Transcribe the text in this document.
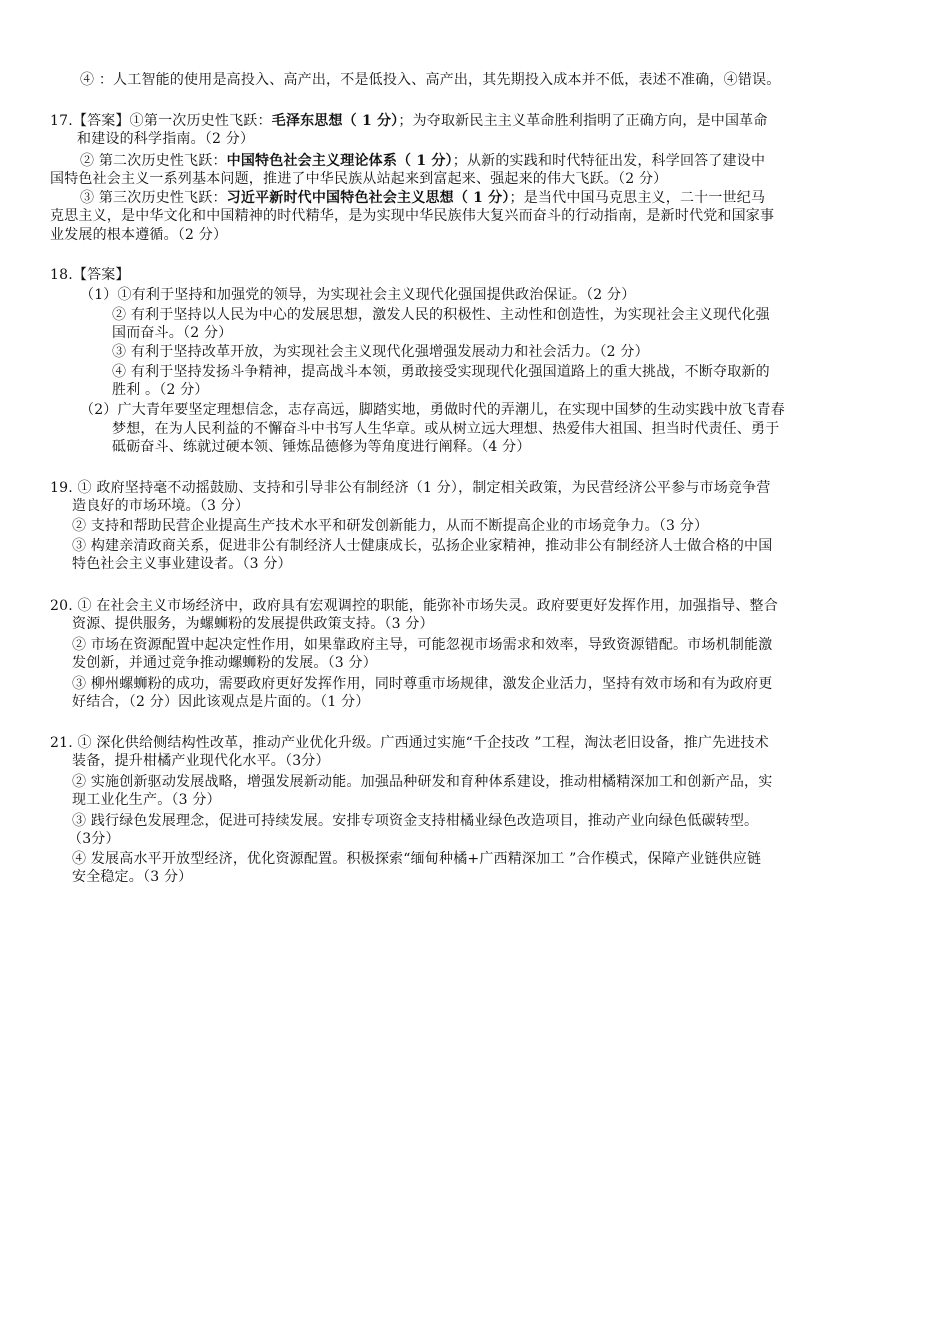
④ ：人工智能的使用是高投入、高产出，不是低投入、高产出，其先期投入成本并不低，表述不准确，④错误。
17.【答案】①第一次历史性飞跃：毛泽东思想（ 1 分）；为夺取新民主主义革命胜利指明了正确方向，是中国革命
和建设的科学指南。（2 分）
② 第二次历史性飞跃：中国特色社会主义理论体系（ 1 分）；从新的实践和时代特征出发，科学回答了建设中
国特色社会主义一系列基本问题，推进了中华民族从站起来到富起来、强起来的伟大飞跃。（2 分）
③ 第三次历史性飞跃：习近平新时代中国特色社会主义思想（ 1 分）；是当代中国马克思主义，二十一世纪马
克思主义，是中华文化和中国精神的时代精华，是为实现中华民族伟大复兴而奋斗的行动指南，是新时代党和国家事
业发展的根本遵循。（2 分）
18.【答案】
（1）①有利于坚持和加强党的领导，为实现社会主义现代化强国提供政治保证。（2 分）
② 有利于坚持以人民为中心的发展思想，激发人民的积极性、主动性和创造性，为实现社会主义现代化强
国而奋斗。（2 分）
③ 有利于坚持改革开放，为实现社会主义现代化强增强发展动力和社会活力。（2 分）
④ 有利于坚持发扬斗争精神，提高战斗本领，勇敢接受实现现代化强国道路上的重大挑战，不断夺取新的
胜利 。（2 分）
（2）广大青年要坚定理想信念，志存高远，脚踏实地，勇做时代的弄潮儿，在实现中国梦的生动实践中放飞青春
梦想，在为人民利益的不懈奋斗中书写人生华章。或从树立远大理想、热爱伟大祖国、担当时代责任、勇于
砥砺奋斗、练就过硬本领、锤炼品德修为等角度进行阐释。（4 分）
19. ① 政府坚持毫不动摇鼓励、支持和引导非公有制经济（1 分），制定相关政策，为民营经济公平参与市场竞争营
造良好的市场环境。（3 分）
② 支持和帮助民营企业提高生产技术水平和研发创新能力，从而不断提高企业的市场竞争力。（3 分）
③ 构建亲清政商关系，促进非公有制经济人士健康成长，弘扬企业家精神，推动非公有制经济人士做合格的中国
特色社会主义事业建设者。（3 分）
20. ① 在社会主义市场经济中，政府具有宏观调控的职能，能弥补市场失灵。政府要更好发挥作用，加强指导、整合
资源、提供服务，为螺蛳粉的发展提供政策支持。（3 分）
② 市场在资源配置中起决定性作用，如果靠政府主导，可能忽视市场需求和效率，导致资源错配。市场机制能激
发创新，并通过竞争推动螺蛳粉的发展。（3 分）
③ 柳州螺蛳粉的成功，需要政府更好发挥作用，同时尊重市场规律，激发企业活力，坚持有效市场和有为政府更
好结合，（2 分）因此该观点是片面的。（1 分）
21. ① 深化供给侧结构性改革，推动产业优化升级。广西通过实施“千企技改 ”工程，淘汰老旧设备，推广先进技术
装备，提升柑橘产业现代化水平。（3分）
② 实施创新驱动发展战略，增强发展新动能。加强品种研发和育种体系建设，推动柑橘精深加工和创新产品，实
现工业化生产。（3 分）
③ 践行绿色发展理念，促进可持续发展。安排专项资金支持柑橘业绿色改造项目，推动产业向绿色低碳转型。
（3分）
④ 发展高水平开放型经济，优化资源配置。积极探索“缅甸种橘+广西精深加工 ”合作模式，保障产业链供应链
安全稳定。（3 分）
